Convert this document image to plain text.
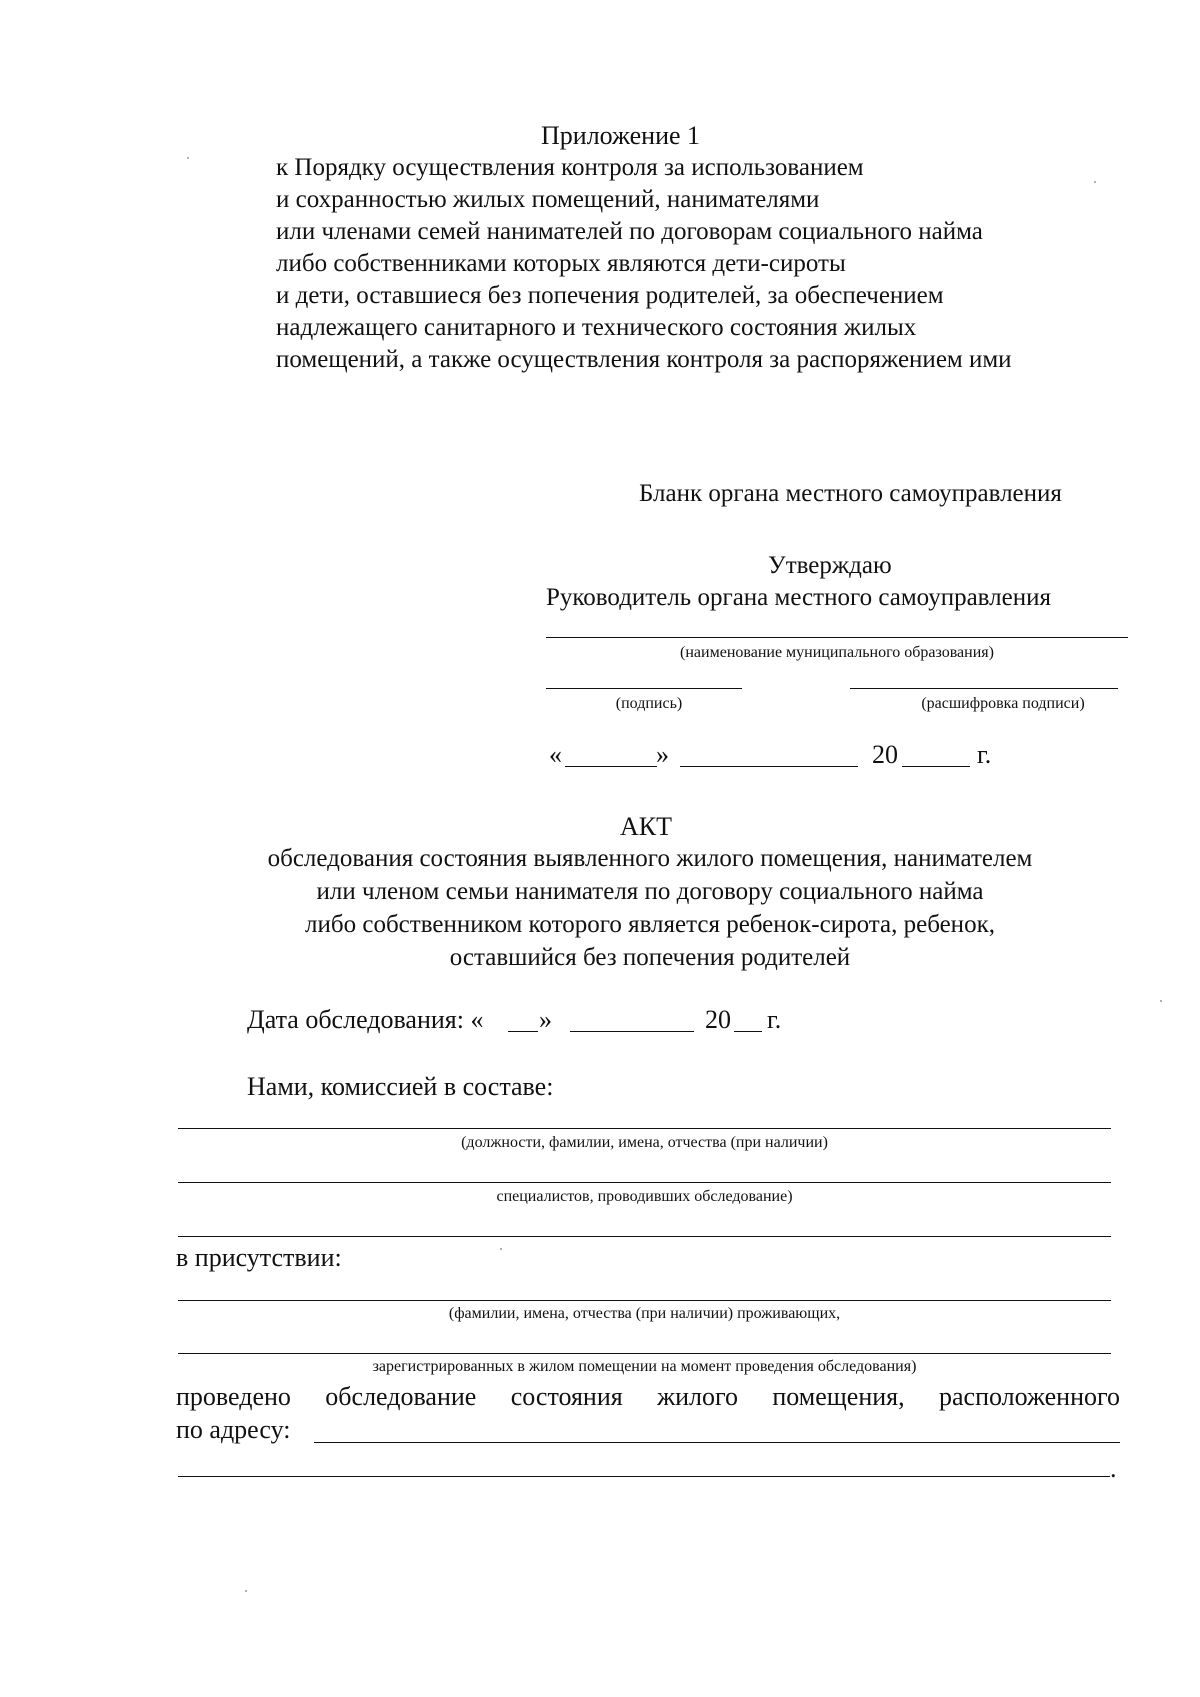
Приложение 1
к Порядку осуществления контроля за использованием
и сохранностью жилых помещений, нанимателями
или членами семей нанимателей по договорам социального найма
либо собственниками которых являются дети-сироты
и дети, оставшиеся без попечения родителей, за обеспечением
надлежащего санитарного и технического состояния жилых
помещений, а также осуществления контроля за распоряжением ими
Бланк органа местного самоуправления
Утверждаю
Руководитель органа местного самоуправления
(наименование муниципального образования)
(подпись)	(расшифровка подписи)
«	»	20	г.
АКТ
обследования состояния выявленного жилого помещения, нанимателем
или членом семьи нанимателя по договору социального найма
либо собственником которого является ребенок-сирота, ребенок,
оставшийся без попечения родителей
Дата обследования: « »	20 г.
Нами, комиссией в составе:
(должности, фамилии, имена, отчества (при наличии)
специалистов, проводивших обследование)
в присутствии:
(фамилии, имена, отчества (при наличии) проживающих,
зарегистрированных в жилом помещении на момент проведения обследования)
проведено обследование состояния жилого помещения, расположенного
по адресу:
.
